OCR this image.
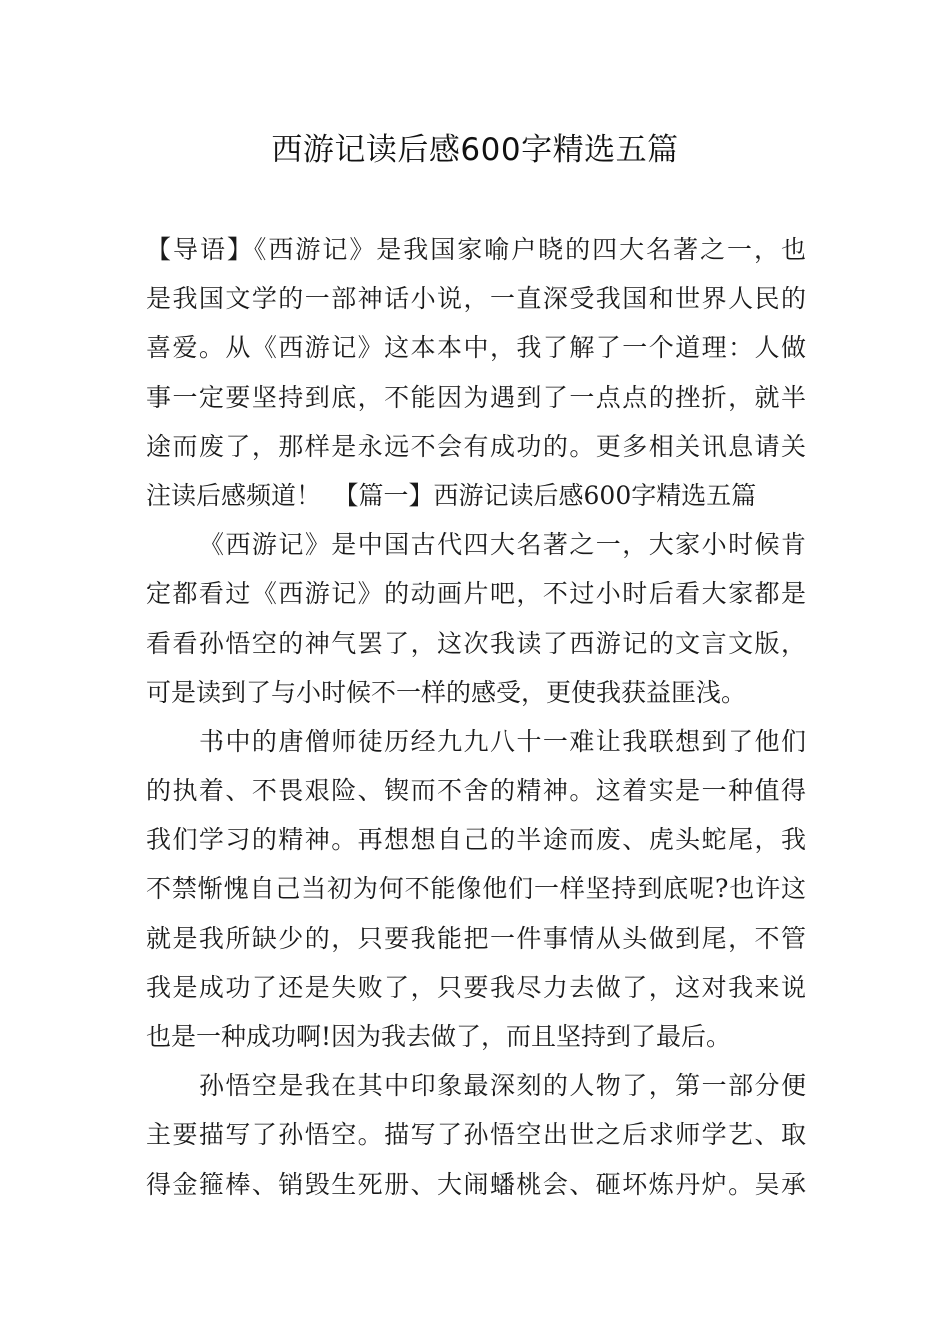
西游记读后感600字精选五篇
【导语】《西游记》是我国家喻户晓的四大名著之一，也
是我国文学的一部神话小说，一直深受我国和世界人民的
喜爱。从《西游记》这本本中，我了解了一个道理：人做
事一定要坚持到底，不能因为遇到了一点点的挫折，就半
途而废了，那样是永远不会有成功的。更多相关讯息请关
注读后感频道！　【篇一】西游记读后感600字精选五篇
《西游记》是中国古代四大名著之一，大家小时候肯
定都看过《西游记》的动画片吧，不过小时后看大家都是
看看孙悟空的神气罢了，这次我读了西游记的文言文版，
可是读到了与小时候不一样的感受，更使我获益匪浅。
书中的唐僧师徒历经九九八十一难让我联想到了他们
的执着、不畏艰险、锲而不舍的精神。这着实是一种值得
我们学习的精神。再想想自己的半途而废、虎头蛇尾，我
不禁惭愧自己当初为何不能像他们一样坚持到底呢?也许这
就是我所缺少的，只要我能把一件事情从头做到尾，不管
我是成功了还是失败了，只要我尽力去做了，这对我来说
也是一种成功啊!因为我去做了，而且坚持到了最后。
孙悟空是我在其中印象最深刻的人物了，第一部分便
主要描写了孙悟空。描写了孙悟空出世之后求师学艺、取
得金箍棒、销毁生死册、大闹蟠桃会、砸坏炼丹炉。吴承
